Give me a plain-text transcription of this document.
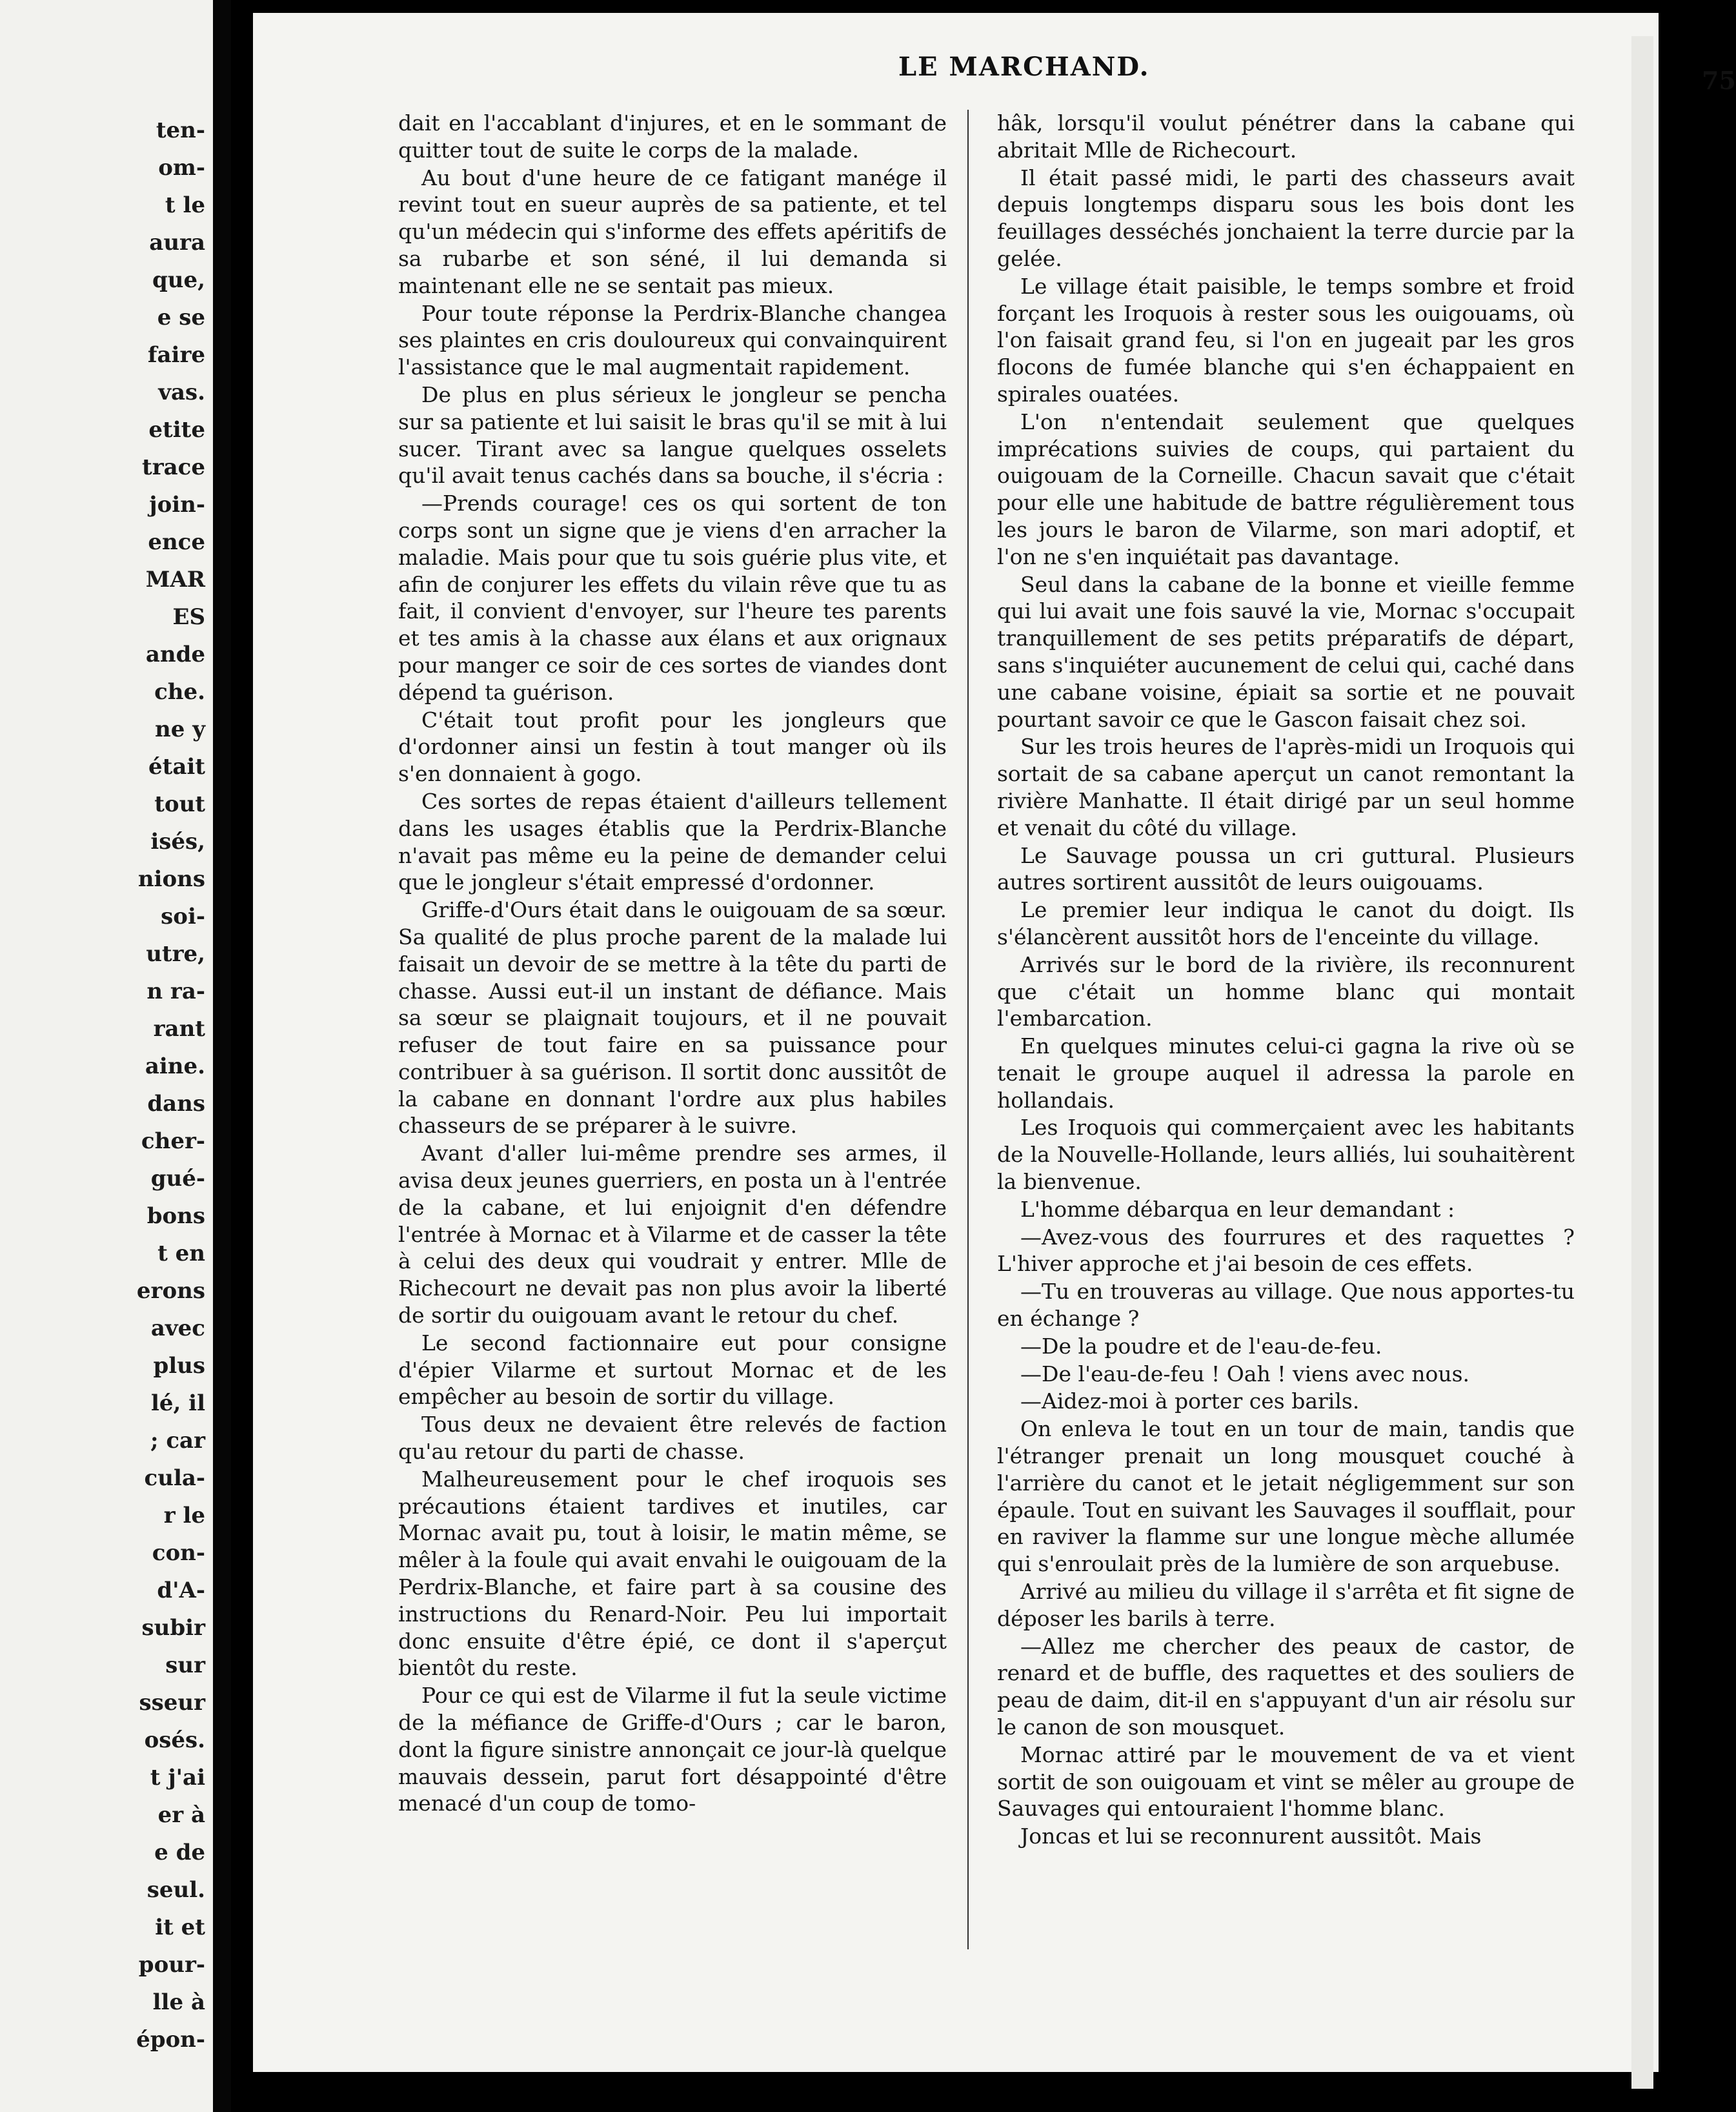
ten-
om-
t le
aura
que,
e se
faire
vas.
etite
trace
join-
ence
MAR
ES
ande
che.
ne y
était
tout
isés,
nions
soi-
utre,
n ra-
rant
aine.
dans
cher-
gué-
bons
t en
erons
avec
plus
lé, il
; car
cula-
r le
con-
d'A-
subir
sur
sseur
osés.
t j'ai
er à
e de
seul.
it et
pour-
lle à
épon-
LE MARCHAND.	75

dait en l'accablant d'injures, et en le sommant de quitter tout de suite le corps de la malade.

Au bout d'une heure de ce fatigant manége il revint tout en sueur auprès de sa patiente, et tel qu'un médecin qui s'informe des effets apéritifs de sa rubarbe et son séné, il lui demanda si maintenant elle ne se sentait pas mieux.

Pour toute réponse la Perdrix-Blanche changea ses plaintes en cris douloureux qui convainquirent l'assistance que le mal augmentait rapidement.

De plus en plus sérieux le jongleur se pencha sur sa patiente et lui saisit le bras qu'il se mit à lui sucer. Tirant avec sa langue quelques osselets qu'il avait tenus cachés dans sa bouche, il s'écria :

—Prends courage! ces os qui sortent de ton corps sont un signe que je viens d'en arracher la maladie. Mais pour que tu sois guérie plus vite, et afin de conjurer les effets du vilain rêve que tu as fait, il convient d'envoyer, sur l'heure tes parents et tes amis à la chasse aux élans et aux orignaux pour manger ce soir de ces sortes de viandes dont dépend ta guérison.

C'était tout profit pour les jongleurs que d'ordonner ainsi un festin à tout manger où ils s'en donnaient à gogo.

Ces sortes de repas étaient d'ailleurs tellement dans les usages établis que la Perdrix-Blanche n'avait pas même eu la peine de demander celui que le jongleur s'était empressé d'ordonner.

Griffe-d'Ours était dans le ouigouam de sa sœur. Sa qualité de plus proche parent de la malade lui faisait un devoir de se mettre à la tête du parti de chasse. Aussi eut-il un instant de défiance. Mais sa sœur se plaignait toujours, et il ne pouvait refuser de tout faire en sa puissance pour contribuer à sa guérison. Il sortit donc aussitôt de la cabane en donnant l'ordre aux plus habiles chasseurs de se préparer à le suivre.

Avant d'aller lui-même prendre ses armes, il avisa deux jeunes guerriers, en posta un à l'entrée de la cabane, et lui enjoignit d'en défendre l'entrée à Mornac et à Vilarme et de casser la tête à celui des deux qui voudrait y entrer. Mlle de Richecourt ne devait pas non plus avoir la liberté de sortir du ouigouam avant le retour du chef.

Le second factionnaire eut pour consigne d'épier Vilarme et surtout Mornac et de les empêcher au besoin de sortir du village.

Tous deux ne devaient être relevés de faction qu'au retour du parti de chasse.

Malheureusement pour le chef iroquois ses précautions étaient tardives et inutiles, car Mornac avait pu, tout à loisir, le matin même, se mêler à la foule qui avait envahi le ouigouam de la Perdrix-Blanche, et faire part à sa cousine des instructions du Renard-Noir. Peu lui importait donc ensuite d'être épié, ce dont il s'aperçut bientôt du reste.

Pour ce qui est de Vilarme il fut la seule victime de la méfiance de Griffe-d'Ours ; car le baron, dont la figure sinistre annonçait ce jour-là quelque mauvais dessein, parut fort désappointé d'être menacé d'un coup de tomo-

hâk, lorsqu'il voulut pénétrer dans la cabane qui abritait Mlle de Richecourt.

Il était passé midi, le parti des chasseurs avait depuis longtemps disparu sous les bois dont les feuillages desséchés jonchaient la terre durcie par la gelée.

Le village était paisible, le temps sombre et froid forçant les Iroquois à rester sous les ouigouams, où l'on faisait grand feu, si l'on en jugeait par les gros flocons de fumée blanche qui s'en échappaient en spirales ouatées.

L'on n'entendait seulement que quelques imprécations suivies de coups, qui partaient du ouigouam de la Corneille. Chacun savait que c'était pour elle une habitude de battre régulièrement tous les jours le baron de Vilarme, son mari adoptif, et l'on ne s'en inquiétait pas davantage.

Seul dans la cabane de la bonne et vieille femme qui lui avait une fois sauvé la vie, Mornac s'occupait tranquillement de ses petits préparatifs de départ, sans s'inquiéter aucunement de celui qui, caché dans une cabane voisine, épiait sa sortie et ne pouvait pourtant savoir ce que le Gascon faisait chez soi.

Sur les trois heures de l'après-midi un Iroquois qui sortait de sa cabane aperçut un canot remontant la rivière Manhatte. Il était dirigé par un seul homme et venait du côté du village.

Le Sauvage poussa un cri guttural. Plusieurs autres sortirent aussitôt de leurs ouigouams.

Le premier leur indiqua le canot du doigt. Ils s'élancèrent aussitôt hors de l'enceinte du village.

Arrivés sur le bord de la rivière, ils reconnurent que c'était un homme blanc qui montait l'embarcation.

En quelques minutes celui-ci gagna la rive où se tenait le groupe auquel il adressa la parole en hollandais.

Les Iroquois qui commerçaient avec les habitants de la Nouvelle-Hollande, leurs alliés, lui souhaitèrent la bienvenue.

L'homme débarqua en leur demandant :

—Avez-vous des fourrures et des raquettes ? L'hiver approche et j'ai besoin de ces effets.

—Tu en trouveras au village. Que nous apportes-tu en échange ?

—De la poudre et de l'eau-de-feu.

—De l'eau-de-feu ! Oah ! viens avec nous.

—Aidez-moi à porter ces barils.

On enleva le tout en un tour de main, tandis que l'étranger prenait un long mousquet couché à l'arrière du canot et le jetait négligemment sur son épaule. Tout en suivant les Sauvages il soufflait, pour en raviver la flamme sur une longue mèche allumée qui s'enroulait près de la lumière de son arquebuse.

Arrivé au milieu du village il s'arrêta et fit signe de déposer les barils à terre.

—Allez me chercher des peaux de castor, de renard et de buffle, des raquettes et des souliers de peau de daim, dit-il en s'appuyant d'un air résolu sur le canon de son mousquet.

Mornac attiré par le mouvement de va et vient sortit de son ouigouam et vint se mêler au groupe de Sauvages qui entouraient l'homme blanc.

Joncas et lui se reconnurent aussitôt. Mais
